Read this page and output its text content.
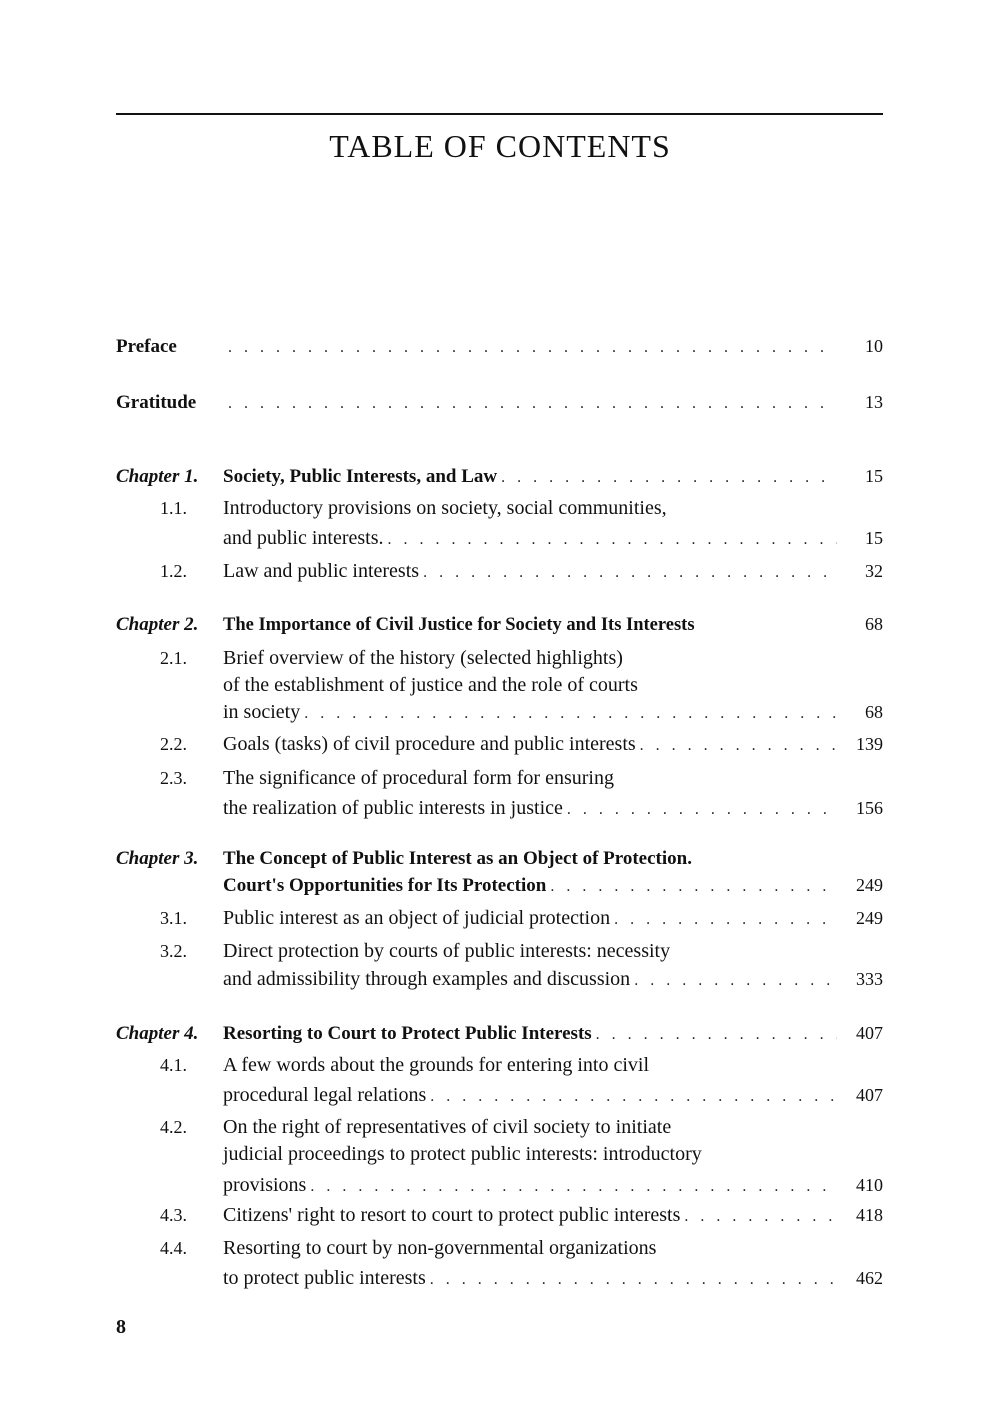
TABLE OF CONTENTS
Preface . . .	10
Gratitude . . .	13
Chapter 1. Society, Public Interests, and Law . . .	15
1.1. Introductory provisions on society, social communities,
and public interests. . . .	15
1.2. Law and public interests . . .	32
Chapter 2. The Importance of Civil Justice for Society and Its Interests	68
2.1. Brief overview of the history (selected highlights)
of the establishment of justice and the role of courts
in society . . .	68
2.2. Goals (tasks) of civil procedure and public interests . . .	139
2.3. The significance of procedural form for ensuring
the realization of public interests in justice . . .	156
Chapter 3. The Concept of Public Interest as an Object of Protection.
Court's Opportunities for Its Protection . . .	249
3.1. Public interest as an object of judicial protection . . .	249
3.2. Direct protection by courts of public interests: necessity
and admissibility through examples and discussion . . .	333
Chapter 4. Resorting to Court to Protect Public Interests . . .	407
4.1. A few words about the grounds for entering into civil
procedural legal relations . . .	407
4.2. On the right of representatives of civil society to initiate
judicial proceedings to protect public interests: introductory
provisions . . .	410
4.3. Citizens' right to resort to court to protect public interests . . .	418
4.4. Resorting to court by non-governmental organizations
to protect public interests . . .	462
8
